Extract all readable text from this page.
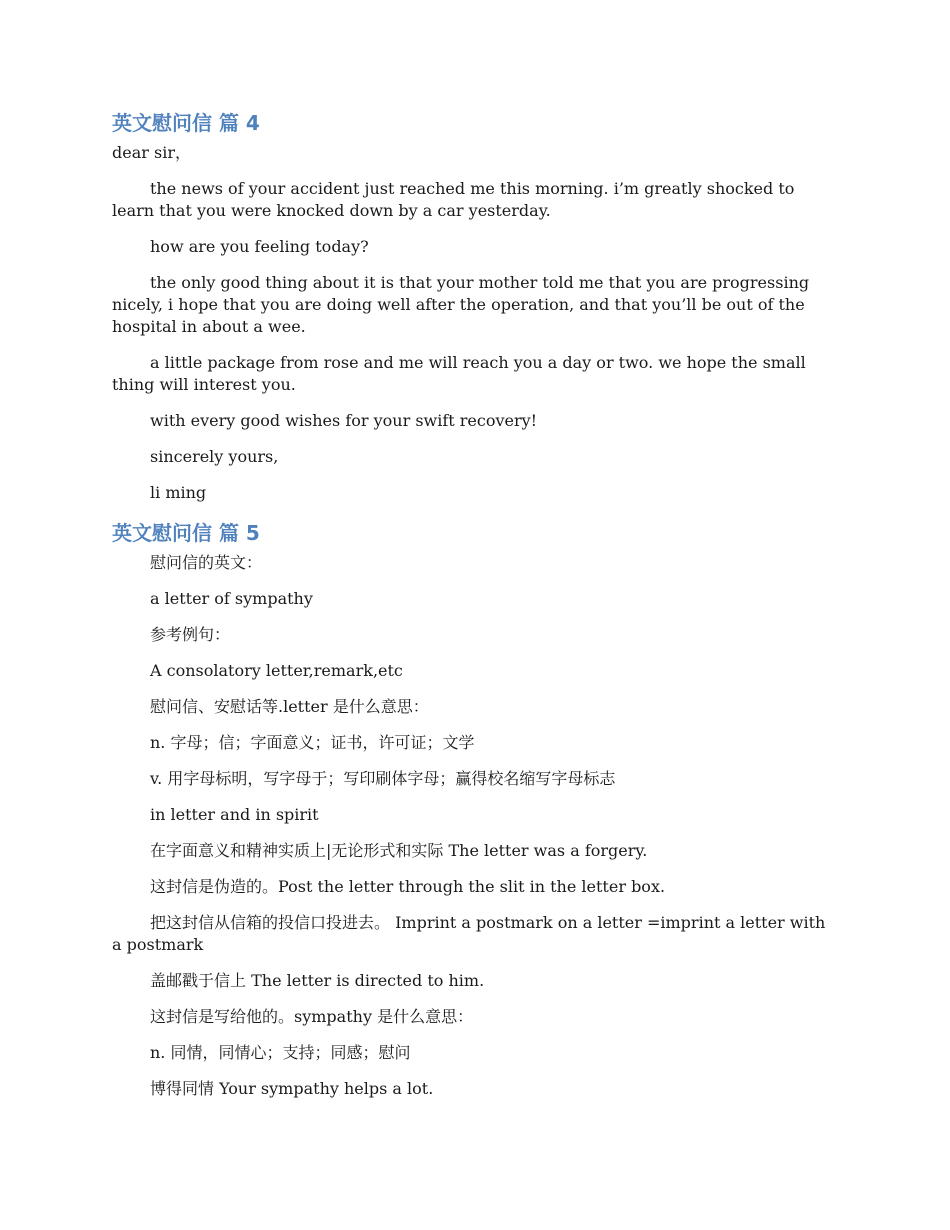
英文慰问信 篇 4

dear sir，

the news of your accident just reached me this morning. i’m greatly shocked to learn that you were knocked down by a car yesterday.

how are you feeling today?

the only good thing about it is that your mother told me that you are progressing nicely, i hope that you are doing well after the operation, and that you’ll be out of the hospital in about a wee.

a little package from rose and me will reach you a day or two. we hope the small thing will interest you.

with every good wishes for your swift recovery!

sincerely yours,

li ming

英文慰问信 篇 5

慰问信的英文：

a letter of sympathy

参考例句：

A consolatory letter,remark,etc

慰问信、安慰话等.letter 是什么意思：

n. 字母；信；字面意义；证书，许可证；文学

v. 用字母标明，写字母于；写印刷体字母；赢得校名缩写字母标志

in letter and in spirit

在字面意义和精神实质上|无论形式和实际 The letter was a forgery.

这封信是伪造的。Post the letter through the slit in the letter box.

把这封信从信箱的投信口投进去。 Imprint a postmark on a letter =imprint a letter with a postmark

盖邮戳于信上 The letter is directed to him.

这封信是写给他的。sympathy 是什么意思：

n. 同情，同情心；支持；同感；慰问

博得同情 Your sympathy helps a lot.
